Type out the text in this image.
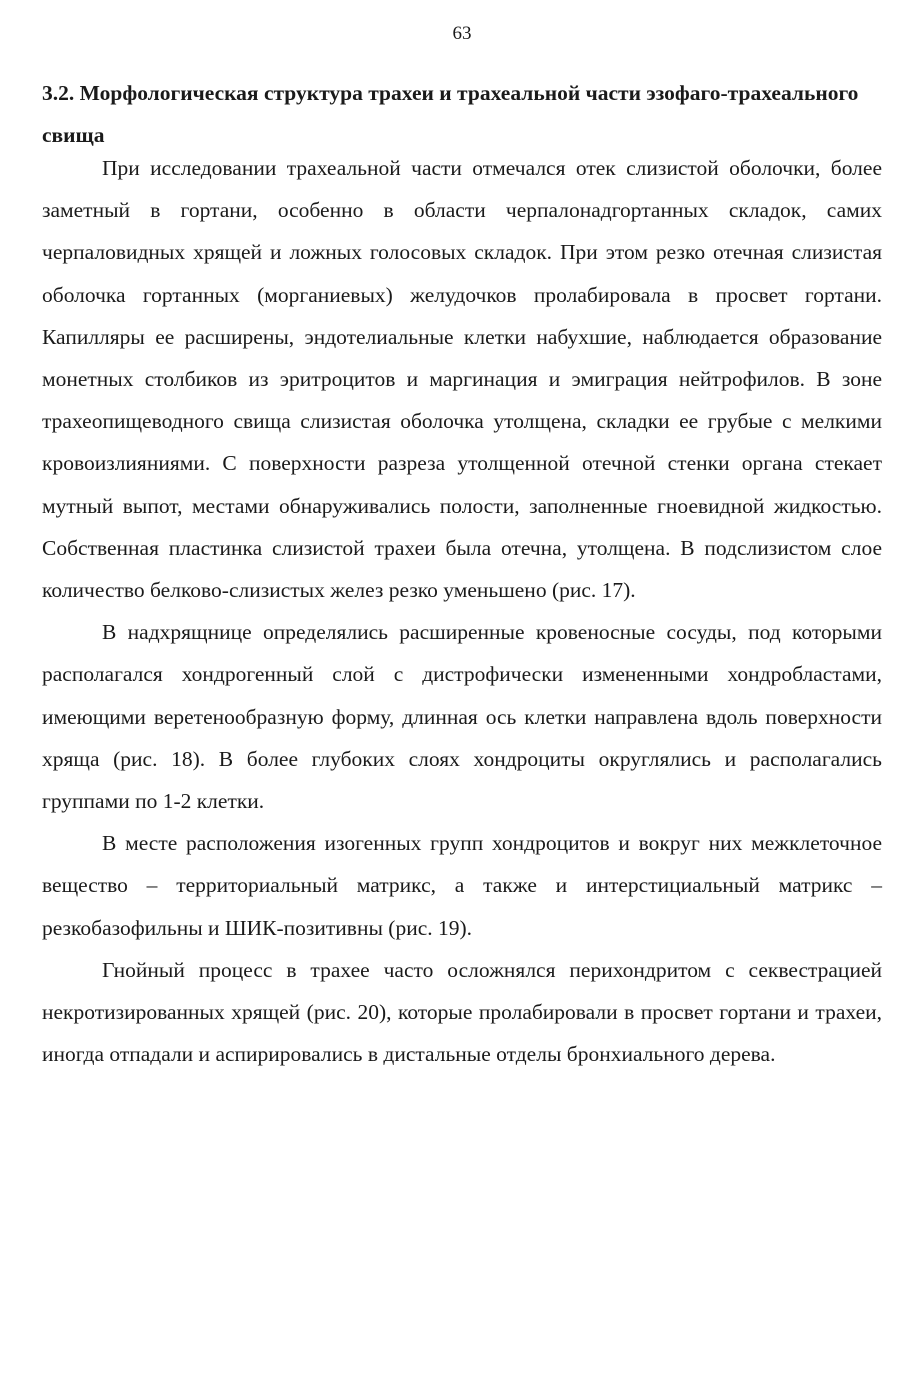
63
3.2. Морфологическая структура трахеи и трахеальной части эзофаго-трахеального свища

При исследовании трахеальной части отмечался отек слизистой оболочки, более заметный в гортани, особенно в области черпалонадгортанных складок, самих черпаловидных хрящей и ложных голосовых складок. При этом резко отечная слизистая оболочка гортанных (морганиевых) желудочков пролабировала в просвет гортани. Капилляры ее расширены, эндотелиальные клетки набухшие, наблюдается образование монетных столбиков из эритроцитов и маргинация и эмиграция нейтрофилов. В зоне трахеопищеводного свища слизистая оболочка утолщена, складки ее грубые с мелкими кровоизлияниями. С поверхности разреза утолщенной отечной стенки органа стекает мутный выпот, местами обнаруживались полости, заполненные гноевидной жидкостью. Собственная пластинка слизистой трахеи была отечна, утолщена. В подслизистом слое количество белково-слизистых желез резко уменьшено (рис. 17).

В надхрящнице определялись расширенные кровеносные сосуды, под которыми располагался хондрогенный слой с дистрофически измененными хондробластами, имеющими веретенообразную форму, длинная ось клетки направлена вдоль поверхности хряща (рис. 18). В более глубоких слоях хондроциты округлялись и располагались группами по 1-2 клетки.

В месте расположения изогенных групп хондроцитов и вокруг них межклеточное вещество – территориальный матрикс, а также и интерстициальный матрикс – резкобазофильны и ШИК-позитивны (рис. 19).

Гнойный процесс в трахее часто осложнялся перихондритом с секвестрацией некротизированных хрящей (рис. 20), которые пролабировали в просвет гортани и трахеи, иногда отпадали и аспирировались в дистальные отделы бронхиального дерева.
